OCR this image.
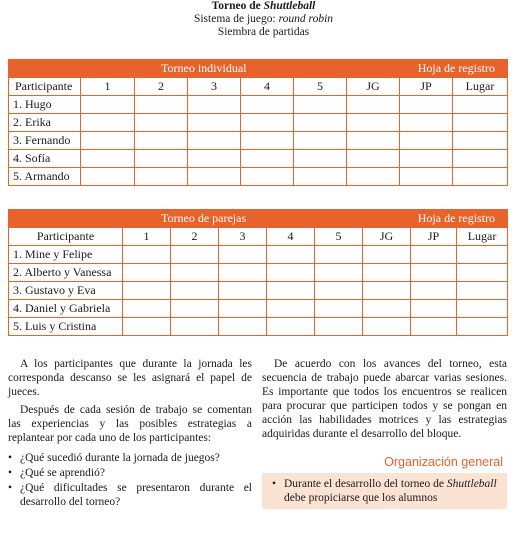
Torneo de Shuttleball
Sistema de juego: round robin
Siembra de partidas
Torneo individual Hoja de registro								

Participante	1	2	3	4	5	JG	JP	Lugar
1. Hugo								
2. Erika								
3. Fernando								
4. Sofía								
5. Armando								
Torneo de parejas Hoja de registro								

Participante	1	2	3	4	5	JG	JP	Lugar
1. Mine y Felipe								
2. Alberto y Vanessa								
3. Gustavo y Eva								
4. Daniel y Gabriela								
5. Luis y Cristina								

A los participantes que durante la jornada les corresponda descanso se les asignará el papel de jueces.

Después de cada sesión de trabajo se comentan las experiencias y las posibles estrategias a replantear por cada uno de los participantes:

• ¿Qué sucedió durante la jornada de juegos?
• ¿Qué se aprendió?
• ¿Qué dificultades se presentaron durante el desarrollo del torneo?

De acuerdo con los avances del torneo, esta secuencia de trabajo puede abarcar varias sesiones. Es importante que todos los encuentros se realicen para procurar que participen todos y se pongan en acción las habilidades motrices y las estrategias adquiridas durante el desarrollo del bloque.

Organización general
• Durante el desarrollo del torneo de Shuttleball debe propiciarse que los alumnos
